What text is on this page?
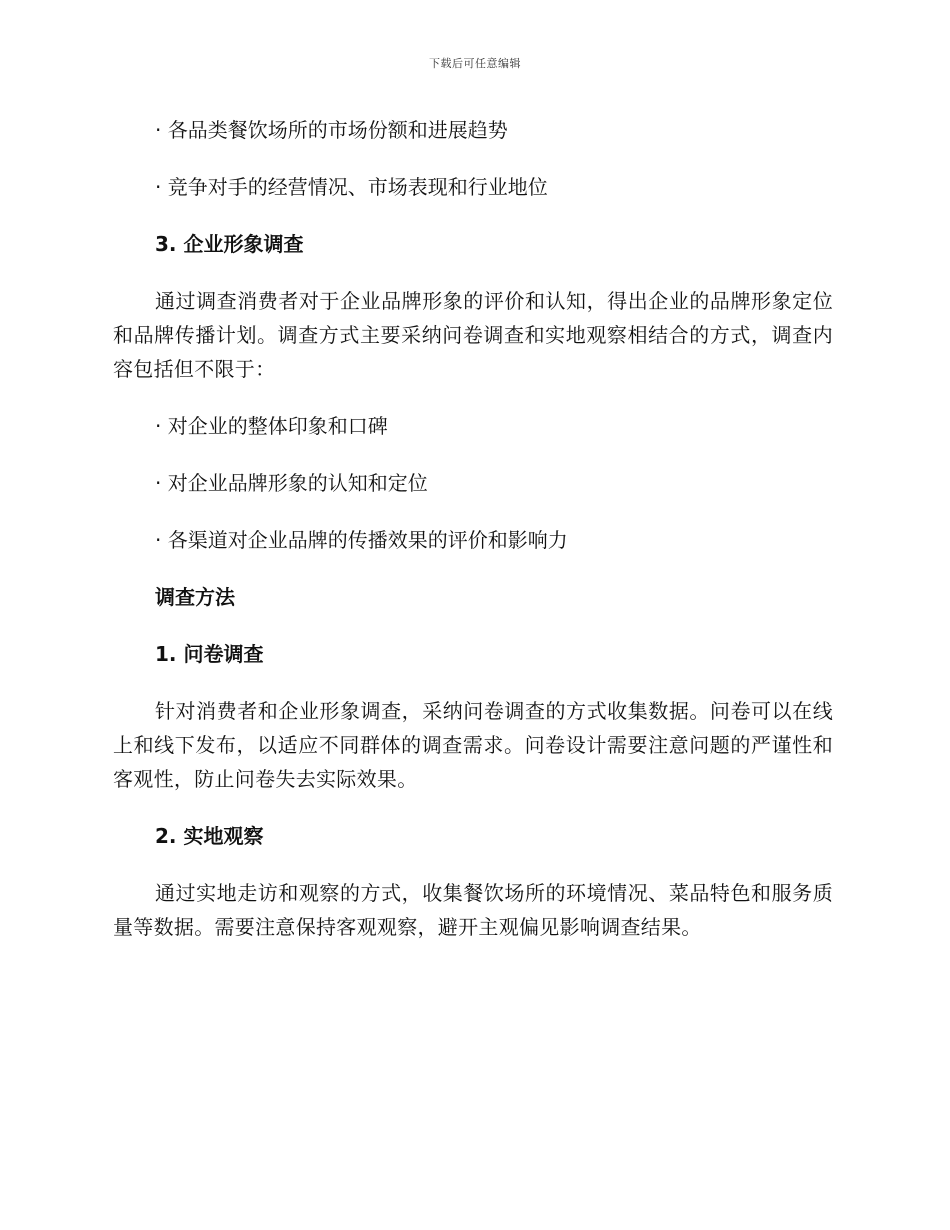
下载后可任意编辑

· 各品类餐饮场所的市场份额和进展趋势

· 竞争对手的经营情况、市场表现和行业地位

3. 企业形象调查

通过调查消费者对于企业品牌形象的评价和认知，得出企业的品牌形象定位和品牌传播计划。调查方式主要采纳问卷调查和实地观察相结合的方式，调查内容包括但不限于：

· 对企业的整体印象和口碑

· 对企业品牌形象的认知和定位

· 各渠道对企业品牌的传播效果的评价和影响力

调查方法

1. 问卷调查

针对消费者和企业形象调查，采纳问卷调查的方式收集数据。问卷可以在线上和线下发布，以适应不同群体的调查需求。问卷设计需要注意问题的严谨性和客观性，防止问卷失去实际效果。

2. 实地观察

通过实地走访和观察的方式，收集餐饮场所的环境情况、菜品特色和服务质量等数据。需要注意保持客观观察，避开主观偏见影响调查结果。
